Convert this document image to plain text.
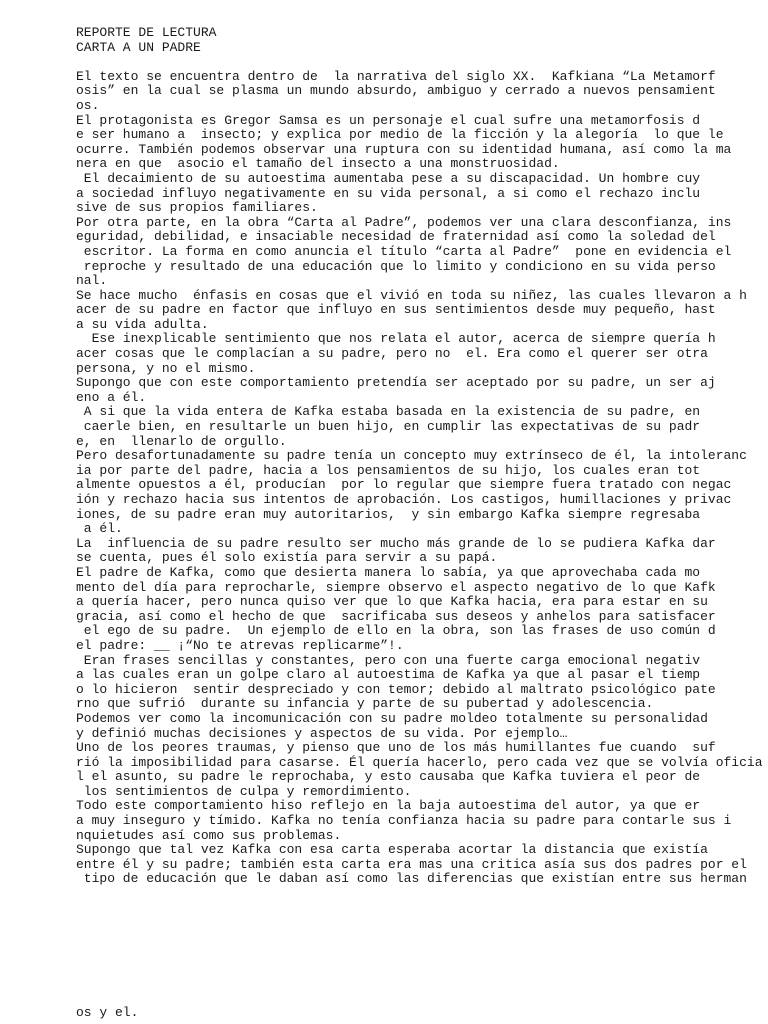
REPORTE DE LECTURA
CARTA A UN PADRE
El texto se encuentra dentro de  la narrativa del siglo XX.  Kafkiana “La Metamorf
osis” en la cual se plasma un mundo absurdo, ambiguo y cerrado a nuevos pensamient
os.
El protagonista es Gregor Samsa es un personaje el cual sufre una metamorfosis d
e ser humano a  insecto; y explica por medio de la ficción y la alegoría  lo que le
ocurre. También podemos observar una ruptura con su identidad humana, así como la ma
nera en que  asocio el tamaño del insecto a una monstruosidad.
El decaimiento de su autoestima aumentaba pese a su discapacidad. Un hombre cuy
a sociedad influyo negativamente en su vida personal, a si como el rechazo inclu
sive de sus propios familiares.
Por otra parte, en la obra “Carta al Padre”, podemos ver una clara desconfianza, ins
eguridad, debilidad, e insaciable necesidad de fraternidad así como la soledad del
escritor. La forma en como anuncia el título “carta al Padre”  pone en evidencia el
reproche y resultado de una educación que lo limito y condiciono en su vida perso
nal.
Se hace mucho  énfasis en cosas que el vivió en toda su niñez, las cuales llevaron a h
acer de su padre en factor que influyo en sus sentimientos desde muy pequeño, hast
a su vida adulta.
Ese inexplicable sentimiento que nos relata el autor, acerca de siempre quería h
acer cosas que le complacían a su padre, pero no  el. Era como el querer ser otra
persona, y no el mismo.
Supongo que con este comportamiento pretendía ser aceptado por su padre, un ser aj
eno a él.
A si que la vida entera de Kafka estaba basada en la existencia de su padre, en
caerle bien, en resultarle un buen hijo, en cumplir las expectativas de su padr
e, en  llenarlo de orgullo.
Pero desafortunadamente su padre tenía un concepto muy extrínseco de él, la intoleranc
ia por parte del padre, hacia a los pensamientos de su hijo, los cuales eran tot
almente opuestos a él, producían  por lo regular que siempre fuera tratado con negac
ión y rechazo hacia sus intentos de aprobación. Los castigos, humillaciones y privac
iones, de su padre eran muy autoritarios,  y sin embargo Kafka siempre regresaba
a él.
La  influencia de su padre resulto ser mucho más grande de lo se pudiera Kafka dar
se cuenta, pues él solo existía para servir a su papá.
El padre de Kafka, como que desierta manera lo sabía, ya que aprovechaba cada mo
mento del día para reprocharle, siempre observo el aspecto negativo de lo que Kafk
a quería hacer, pero nunca quiso ver que lo que Kafka hacia, era para estar en su
gracia, así como el hecho de que  sacrificaba sus deseos y anhelos para satisfacer
el ego de su padre.  Un ejemplo de ello en la obra, son las frases de uso común d
el padre: __ ¡“No te atrevas replicarme”!.
Eran frases sencillas y constantes, pero con una fuerte carga emocional negativ
a las cuales eran un golpe claro al autoestima de Kafka ya que al pasar el tiemp
o lo hicieron  sentir despreciado y con temor; debido al maltrato psicológico pate
rno que sufrió  durante su infancia y parte de su pubertad y adolescencia.
Podemos ver como la incomunicación con su padre moldeo totalmente su personalidad
y definió muchas decisiones y aspectos de su vida. Por ejemplo…
Uno de los peores traumas, y pienso que uno de los más humillantes fue cuando  suf
rió la imposibilidad para casarse. Él quería hacerlo, pero cada vez que se volvía oficia
l el asunto, su padre le reprochaba, y esto causaba que Kafka tuviera el peor de
los sentimientos de culpa y remordimiento.
Todo este comportamiento hiso reflejo en la baja autoestima del autor, ya que er
a muy inseguro y tímido. Kafka no tenía confianza hacia su padre para contarle sus i
nquietudes así como sus problemas.
Supongo que tal vez Kafka con esa carta esperaba acortar la distancia que existía
entre él y su padre; también esta carta era mas una critica asía sus dos padres por el
tipo de educación que le daban así como las diferencias que existían entre sus herman
os y el.
